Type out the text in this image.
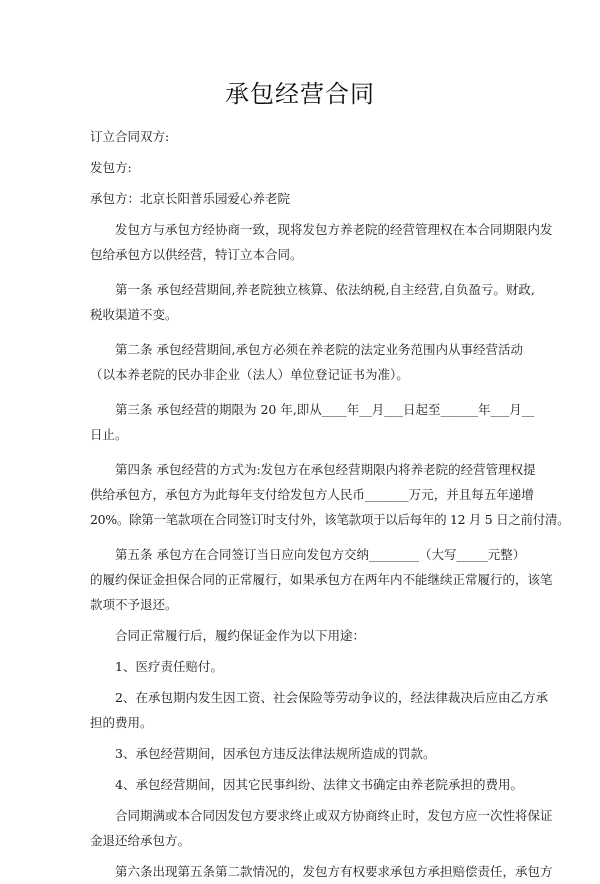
承包经营合同

订立合同双方:

发包方:

承包方：北京长阳普乐园爱心养老院

发包方与承包方经协商一致，现将发包方养老院的经营管理权在本合同期限内发

包给承包方以供经营，特订立本合同。

第一条 承包经营期间,养老院独立核算、依法纳税,自主经营,自负盈亏。财政,

税收渠道不变。

第二条 承包经营期间,承包方必须在养老院的法定业务范围内从事经营活动

（以本养老院的民办非企业（法人）单位登记证书为准）。

第三条 承包经营的期限为 20 年,即从____年__月___日起至______年___月__

日止。

第四条 承包经营的方式为:发包方在承包经营期限内将养老院的经营管理权提

供给承包方，承包方为此每年支付给发包方人民币_______万元，并且每五年递增

20%。除第一笔款项在合同签订时支付外，该笔款项于以后每年的 12 月 5 日之前付清。

第五条 承包方在合同签订当日应向发包方交纳________（大写_____元整）

的履约保证金担保合同的正常履行，如果承包方在两年内不能继续正常履行的，该笔

款项不予退还。

合同正常履行后，履约保证金作为以下用途：

1、医疗责任赔付。

2、在承包期内发生因工资、社会保险等劳动争议的，经法律裁决后应由乙方承

担的费用。

3、承包经营期间，因承包方违反法律法规所造成的罚款。

4、承包经营期间，因其它民事纠纷、法律文书确定由养老院承担的费用。

合同期满或本合同因发包方要求终止或双方协商终止时，发包方应一次性将保证

金退还给承包方。

第六条出现第五条第二款情况的，发包方有权要求承包方承担赔偿责任，承包方
